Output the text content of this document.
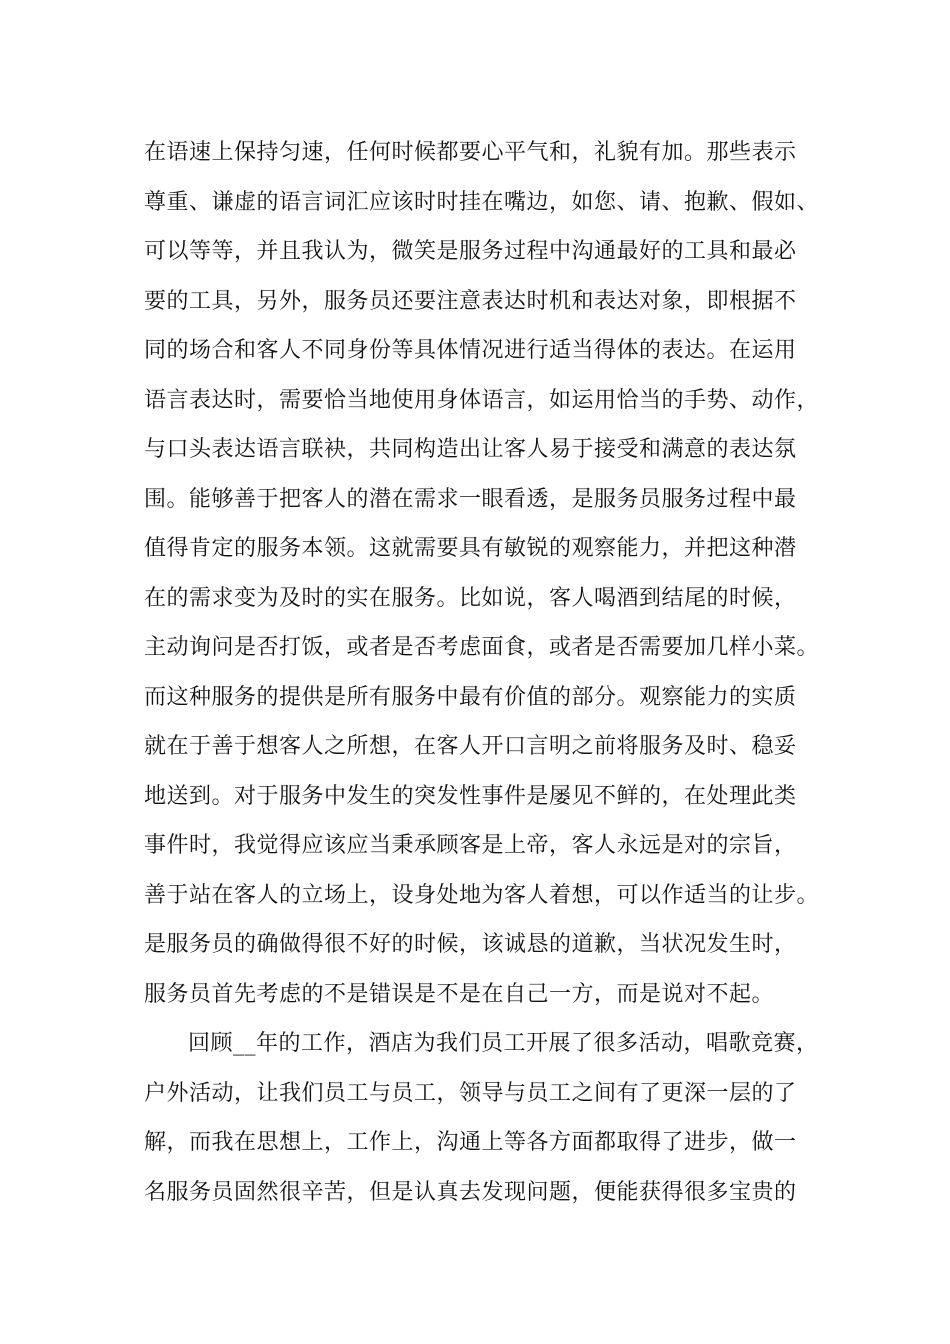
在语速上保持匀速，任何时候都要心平气和，礼貌有加。那些表示
尊重、谦虚的语言词汇应该时时挂在嘴边，如您、请、抱歉、假如、
可以等等，并且我认为，微笑是服务过程中沟通最好的工具和最必
要的工具，另外，服务员还要注意表达时机和表达对象，即根据不
同的场合和客人不同身份等具体情况进行适当得体的表达。在运用
语言表达时，需要恰当地使用身体语言，如运用恰当的手势、动作，
与口头表达语言联袂，共同构造出让客人易于接受和满意的表达氛
围。能够善于把客人的潜在需求一眼看透，是服务员服务过程中最
值得肯定的服务本领。这就需要具有敏锐的观察能力，并把这种潜
在的需求变为及时的实在服务。比如说，客人喝酒到结尾的时候，
主动询问是否打饭，或者是否考虑面食，或者是否需要加几样小菜。
而这种服务的提供是所有服务中最有价值的部分。观察能力的实质
就在于善于想客人之所想，在客人开口言明之前将服务及时、稳妥
地送到。对于服务中发生的突发性事件是屡见不鲜的，在处理此类
事件时，我觉得应该应当秉承顾客是上帝，客人永远是对的宗旨，
善于站在客人的立场上，设身处地为客人着想，可以作适当的让步。
是服务员的确做得很不好的时候，该诚恳的道歉，当状况发生时，
服务员首先考虑的不是错误是不是在自己一方，而是说对不起。
回顾__年的工作，酒店为我们员工开展了很多活动，唱歌竞赛，
户外活动，让我们员工与员工，领导与员工之间有了更深一层的了
解，而我在思想上，工作上，沟通上等各方面都取得了进步，做一
名服务员固然很辛苦，但是认真去发现问题，便能获得很多宝贵的
